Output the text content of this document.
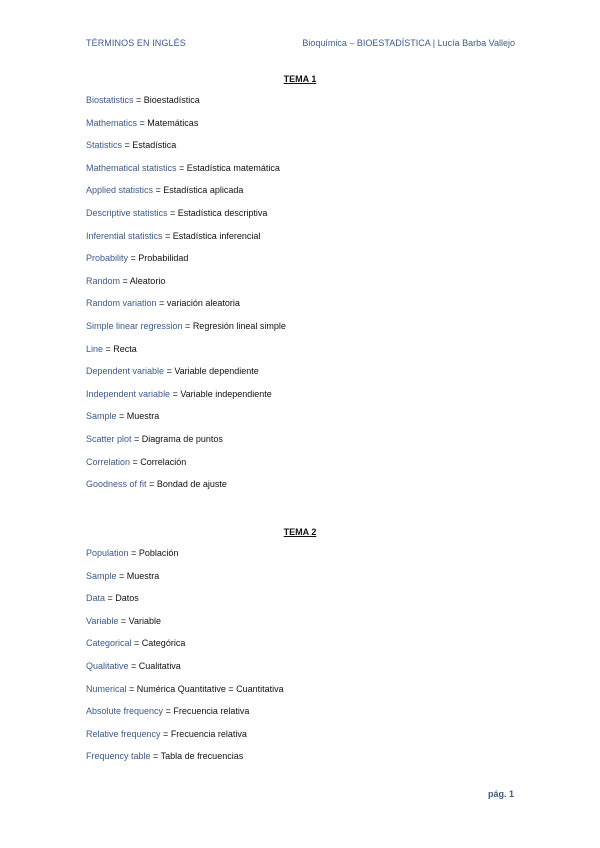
TÉRMINOS EN INGLÉS	Bioquímica – BIOESTADÍSTICA | Lucía Barba Vallejo
TEMA 1
Biostatistics = Bioestadística
Mathematics = Matemáticas
Statistics = Estadística
Mathematical statistics = Estadística matemática
Applied statistics = Estadística aplicada
Descriptive statistics = Estadística descriptiva
Inferential statistics = Estadística inferencial
Probability = Probabilidad
Random = Aleatorio
Random variation = variación aleatoria
Simple linear regression = Regresión lineal simple
Line = Recta
Dependent variable = Variable dependiente
Independent variable = Variable independiente
Sample = Muestra
Scatter plot = Diagrama de puntos
Correlation = Correlación
Goodness of fit = Bondad de ajuste
TEMA 2
Population = Población
Sample = Muestra
Data = Datos
Variable = Variable
Categorical = Categórica
Qualitative = Cualitativa
Numerical = Numérica Quantitative = Cuantitativa
Absolute frequency = Frecuencia relativa
Relative frequency = Frecuencia relativa
Frequency table = Tabla de frecuencias
pág. 1
